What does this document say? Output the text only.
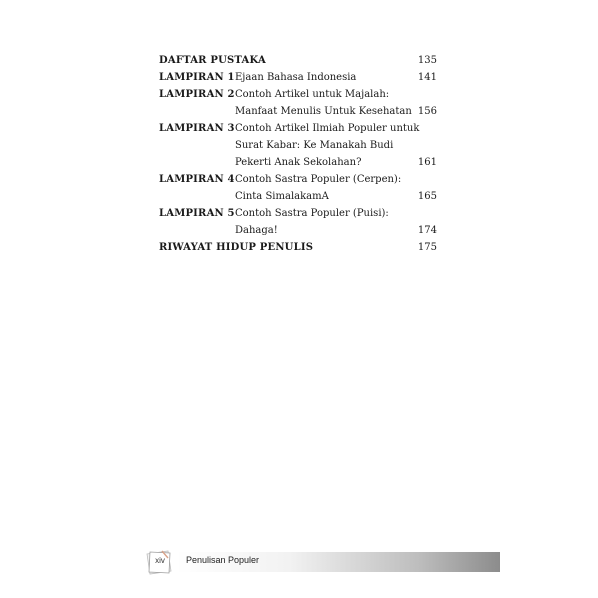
DAFTAR PUSTAKA	135
LAMPIRAN 1 Ejaan Bahasa Indonesia	141
LAMPIRAN 2 Contoh Artikel untuk Majalah:
Manfaat Menulis Untuk Kesehatan 156
LAMPIRAN 3 Contoh Artikel Ilmiah Populer untuk
Surat Kabar: Ke Manakah Budi
Pekerti Anak Sekolahan?	161
LAMPIRAN 4 Contoh Sastra Populer (Cerpen):
Cinta SimalakamA	165
LAMPIRAN 5 Contoh Sastra Populer (Puisi):
Dahaga!	174
RIWAYAT HIDUP PENULIS	175
xiv	Penulisan Populer
